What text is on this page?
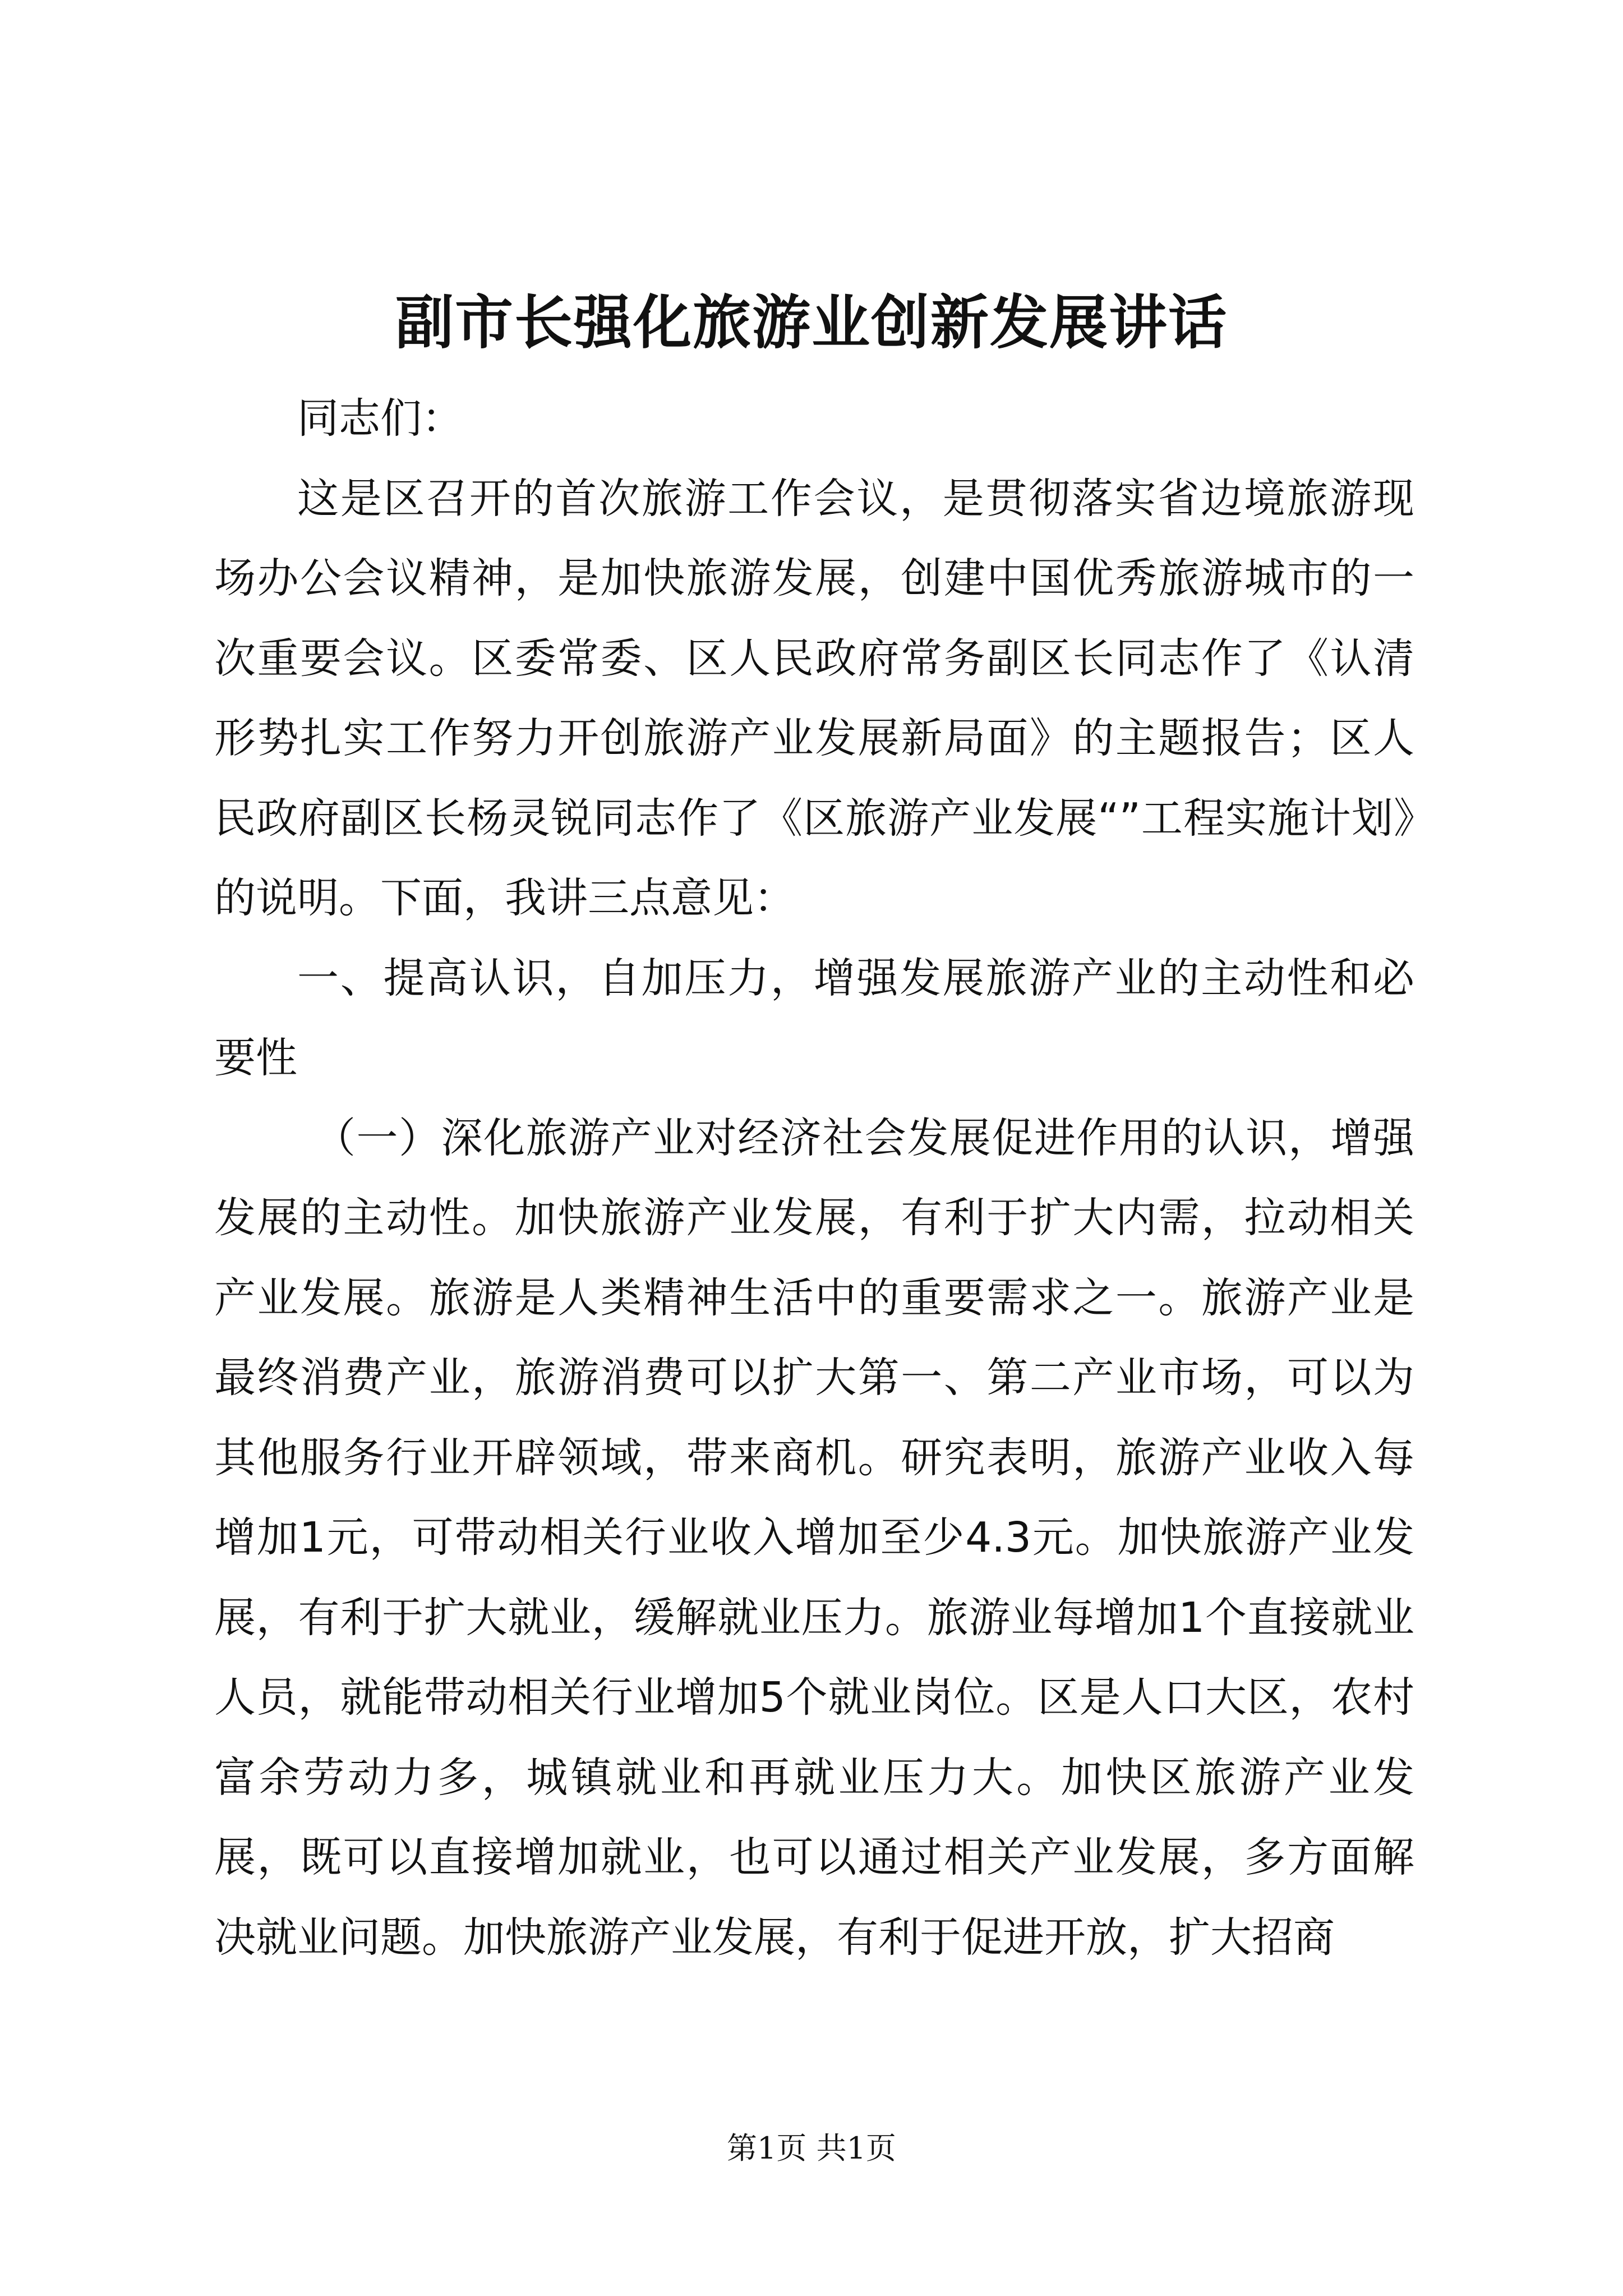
副市长强化旅游业创新发展讲话

同志们：

这是区召开的首次旅游工作会议，是贯彻落实省边境旅游现场办公会议精神，是加快旅游发展，创建中国优秀旅游城市的一次重要会议。区委常委、区人民政府常务副区长同志作了《认清形势扎实工作努力开创旅游产业发展新局面》的主题报告；区人民政府副区长杨灵锐同志作了《区旅游产业发展“”工程实施计划》的说明。下面，我讲三点意见：

一、提高认识，自加压力，增强发展旅游产业的主动性和必要性

（一）深化旅游产业对经济社会发展促进作用的认识，增强发展的主动性。加快旅游产业发展，有利于扩大内需，拉动相关产业发展。旅游是人类精神生活中的重要需求之一。旅游产业是最终消费产业，旅游消费可以扩大第一、第二产业市场，可以为其他服务行业开辟领域，带来商机。研究表明，旅游产业收入每增加1元，可带动相关行业收入增加至少4.3元。加快旅游产业发展，有利于扩大就业，缓解就业压力。旅游业每增加1个直接就业人员，就能带动相关行业增加5个就业岗位。区是人口大区，农村富余劳动力多，城镇就业和再就业压力大。加快区旅游产业发展，既可以直接增加就业，也可以通过相关产业发展，多方面解决就业问题。加快旅游产业发展，有利于促进开放，扩大招商

第1页 共1页
